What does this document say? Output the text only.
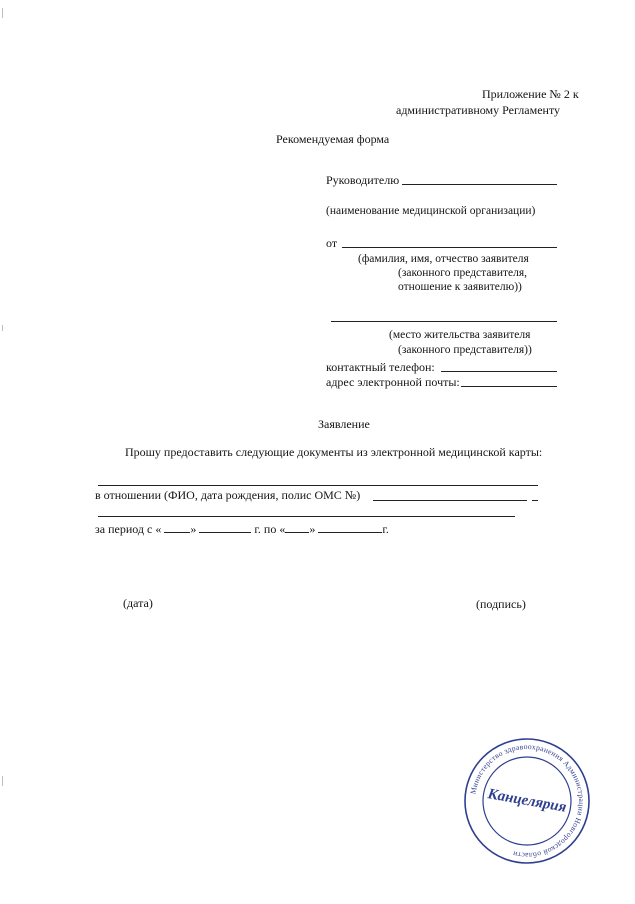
Приложение № 2 к
административному Регламенту
Рекомендуемая форма
Руководителю
(наименование медицинской организации)
от
(фамилия, имя, отчество заявителя
(законного представителя,
отношение к заявителю))
(место жительства заявителя
(законного представителя))
контактный телефон:
адрес электронной почты:
Заявление
Прошу предоставить следующие документы из электронной медицинской карты:
в отношении (ФИО, дата рождения, полис ОМС №)
за период с « »	г. по « »	г.
(дата)	(подпись)
Министерство здравоохранения Администрации Новгородской области
Канцелярия
